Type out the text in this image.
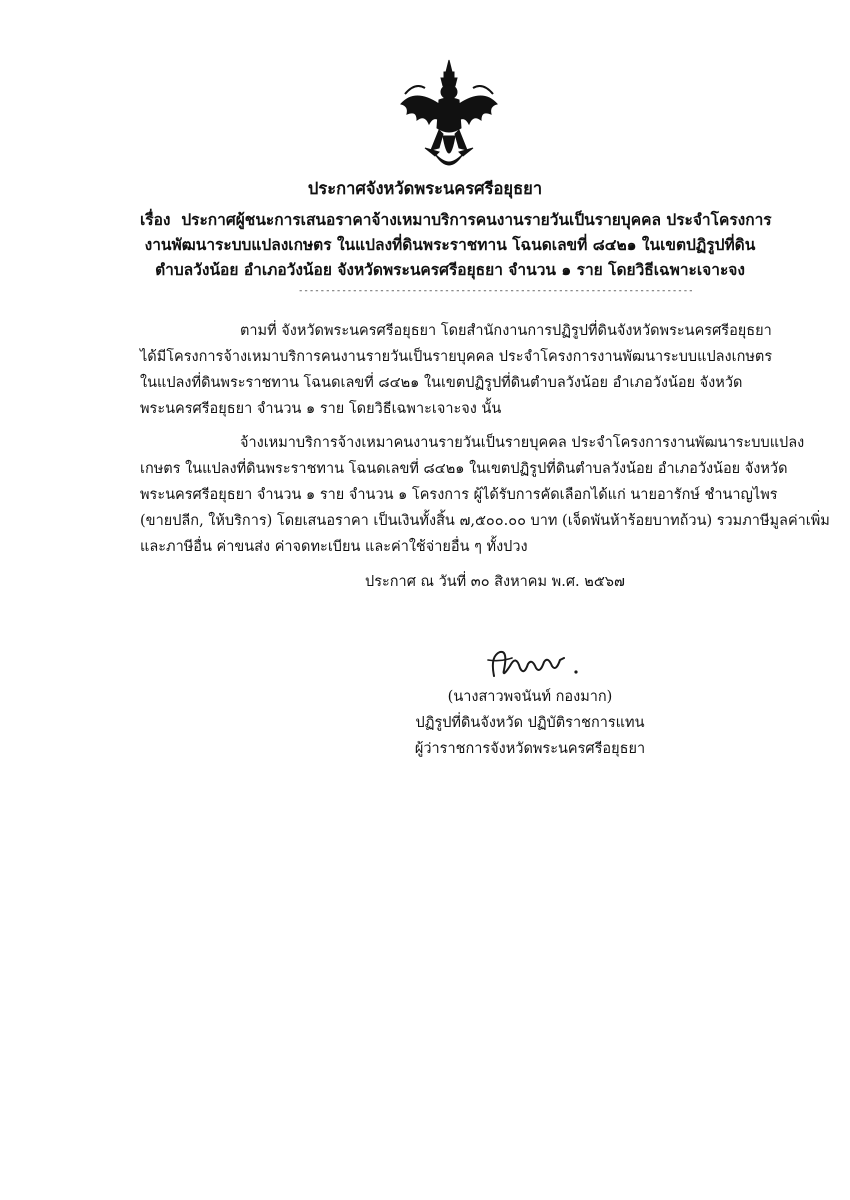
ประกาศจังหวัดพระนครศรีอยุธยา
เรื่อง ประกาศผู้ชนะการเสนอราคาจ้างเหมาบริการคนงานรายวันเป็นรายบุคคล ประจำโครงการ
งานพัฒนาระบบแปลงเกษตร ในแปลงที่ดินพระราชทาน โฉนดเลขที่ ๘๔๒๑ ในเขตปฏิรูปที่ดิน
ตำบลวังน้อย อำเภอวังน้อย จังหวัดพระนครศรีอยุธยา จำนวน ๑ ราย โดยวิธีเฉพาะเจาะจง
-------------------------------------------------------------------------
ตามที่ จังหวัดพระนครศรีอยุธยา โดยสำนักงานการปฏิรูปที่ดินจังหวัดพระนครศรีอยุธยา
ได้มีโครงการจ้างเหมาบริการคนงานรายวันเป็นรายบุคคล ประจำโครงการงานพัฒนาระบบแปลงเกษตร
ในแปลงที่ดินพระราชทาน โฉนดเลขที่ ๘๔๒๑ ในเขตปฏิรูปที่ดินตำบลวังน้อย อำเภอวังน้อย จังหวัด
พระนครศรีอยุธยา จำนวน ๑ ราย โดยวิธีเฉพาะเจาะจง นั้น
จ้างเหมาบริการจ้างเหมาคนงานรายวันเป็นรายบุคคล ประจำโครงการงานพัฒนาระบบแปลง
เกษตร ในแปลงที่ดินพระราชทาน โฉนดเลขที่ ๘๔๒๑ ในเขตปฏิรูปที่ดินตำบลวังน้อย อำเภอวังน้อย จังหวัด
พระนครศรีอยุธยา จำนวน ๑ ราย จำนวน ๑ โครงการ ผู้ได้รับการคัดเลือกได้แก่ นายอารักษ์ ชำนาญไพร
(ขายปลีก, ให้บริการ) โดยเสนอราคา เป็นเงินทั้งสิ้น ๗,๕๐๐.๐๐ บาท (เจ็ดพันห้าร้อยบาทถ้วน) รวมภาษีมูลค่าเพิ่ม
และภาษีอื่น ค่าขนส่ง ค่าจดทะเบียน และค่าใช้จ่ายอื่น ๆ ทั้งปวง
ประกาศ ณ วันที่ ๓๐ สิงหาคม พ.ศ. ๒๕๖๗
(นางสาวพจนันท์ กองมาก)
ปฏิรูปที่ดินจังหวัด ปฏิบัติราชการแทน
ผู้ว่าราชการจังหวัดพระนครศรีอยุธยา
